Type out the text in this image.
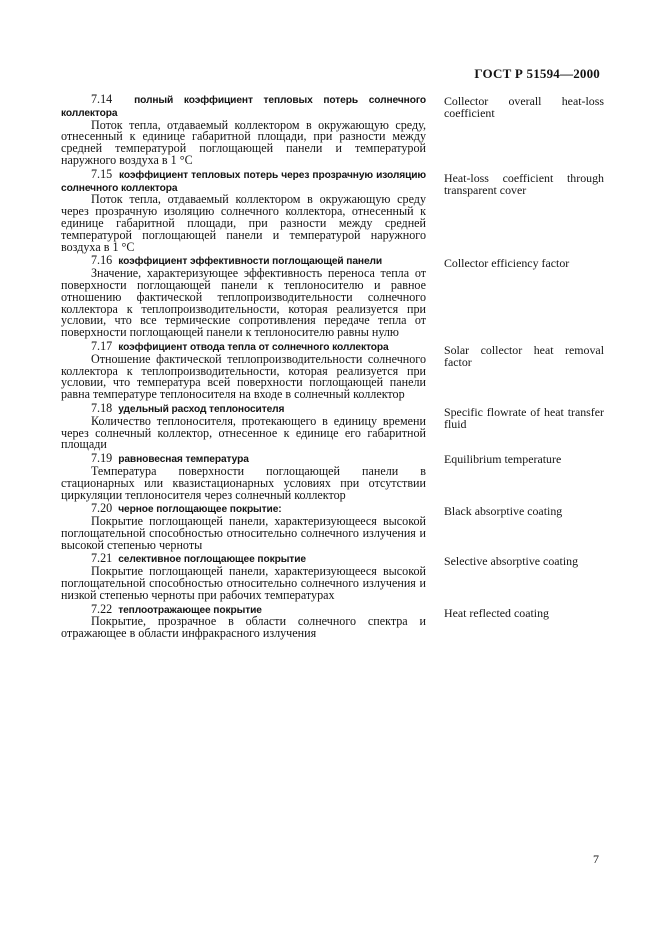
ГОСТ Р 51594—2000
7.14 полный коэффициент тепловых потерь солнечного коллектора
Поток тепла, отдаваемый коллектором в окружающую среду, отнесенный к единице габаритной площади, при разности между средней температурой поглощающей панели и температурой наружного воздуха в 1 °С
Collector overall heat-loss coefficient
7.15 коэффициент тепловых потерь через прозрачную изоляцию солнечного коллектора
Поток тепла, отдаваемый коллектором в окружающую среду через прозрачную изоляцию солнечного коллектора, отнесенный к единице габаритной площади, при разности между средней температурой поглощающей панели и температурой наружного воздуха в 1 °С
Heat-loss coefficient through transparent cover
7.16 коэффициент эффективности поглощающей панели
Значение, характеризующее эффективность переноса тепла от поверхности поглощающей панели к теплоносителю и равное отношению фактической теплопроизводительности солнечного коллектора к теплопроизводительности, которая реализуется при условии, что все термические сопротивления передаче тепла от поверхности поглощающей панели к теплоносителю равны нулю
Collector efficiency factor
7.17 коэффициент отвода тепла от солнечного коллектора
Отношение фактической теплопроизводительности солнечного коллектора к теплопроизводительности, которая реализуется при условии, что температура всей поверхности поглощающей панели равна температуре теплоносителя на входе в солнечный коллектор
Solar collector heat removal factor
7.18 удельный расход теплоносителя
Количество теплоносителя, протекающего в единицу времени через солнечный коллектор, отнесенное к единице его габаритной площади
Specific flowrate of heat transfer fluid
7.19 равновесная температура
Температура поверхности поглощающей панели в стационарных или квазистационарных условиях при отсутствии циркуляции теплоносителя через солнечный коллектор
Equilibrium temperature
7.20 черное поглощающее покрытие:
Покрытие поглощающей панели, характеризующееся высокой поглощательной способностью относительно солнечного излучения и высокой степенью черноты
Black absorptive coating
7.21 селективное поглощающее покрытие
Покрытие поглощающей панели, характеризующееся высокой поглощательной способностью относительно солнечного излучения и низкой степенью черноты при рабочих температурах
Selective absorptive coating
7.22 теплоотражающее покрытие
Покрытие, прозрачное в области солнечного спектра и отражающее в области инфракрасного излучения
Heat reflected coating
7
